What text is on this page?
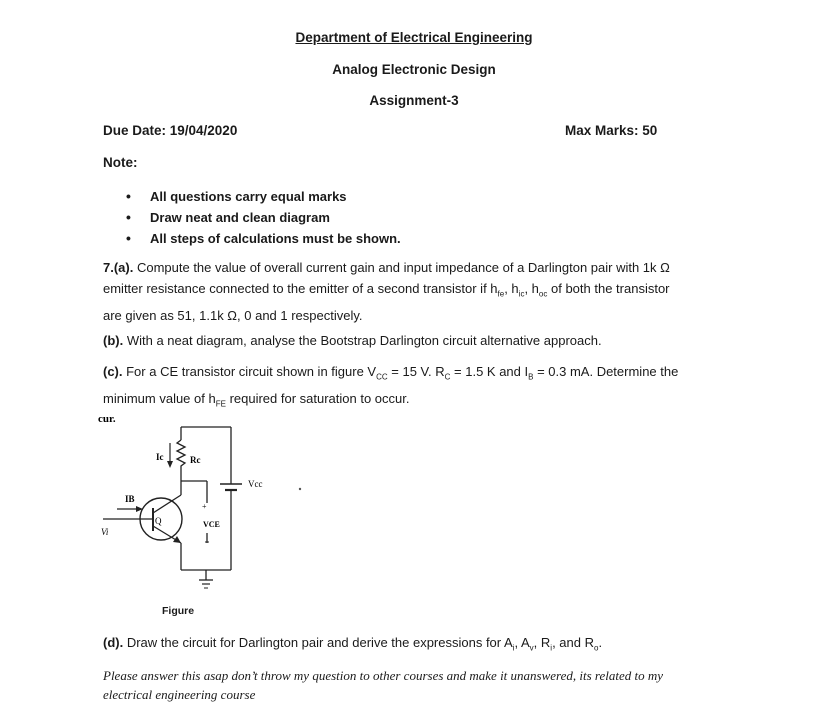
Department of Electrical Engineering
Analog Electronic Design
Assignment-3
Due Date: 19/04/2020	Max Marks: 50
Note:
• All questions carry equal marks
• Draw neat and clean diagram
• All steps of calculations must be shown.
7.(a). Compute the value of overall current gain and input impedance of a Darlington pair with 1k Ω
emitter resistance connected to the emitter of a second transistor if $h_{fe}$, $h_{ic}$, $h_{oc}$ of both the transistor
are given as 51, 1.1k Ω, 0 and 1 respectively.
(b). With a neat diagram, analyse the Bootstrap Darlington circuit alternative approach.
(c). For a CE transistor circuit shown in figure $V_{CC} = 15$ V. $R_C = 1.5$ K and $I_B = 0.3$ mA. Determine the
minimum value of $h_{FE}$ required for saturation to occur.
cur.
Q
IB
Vi
Ic	Rc
Vcc
+
VCE
Figure
(d). Draw the circuit for Darlington pair and derive the expressions for $A_i$, $A_v$, $R_i$, and $R_o$.
Please answer this asap don’t throw my question to other courses and make it unanswered, its related to my
electrical engineering course
